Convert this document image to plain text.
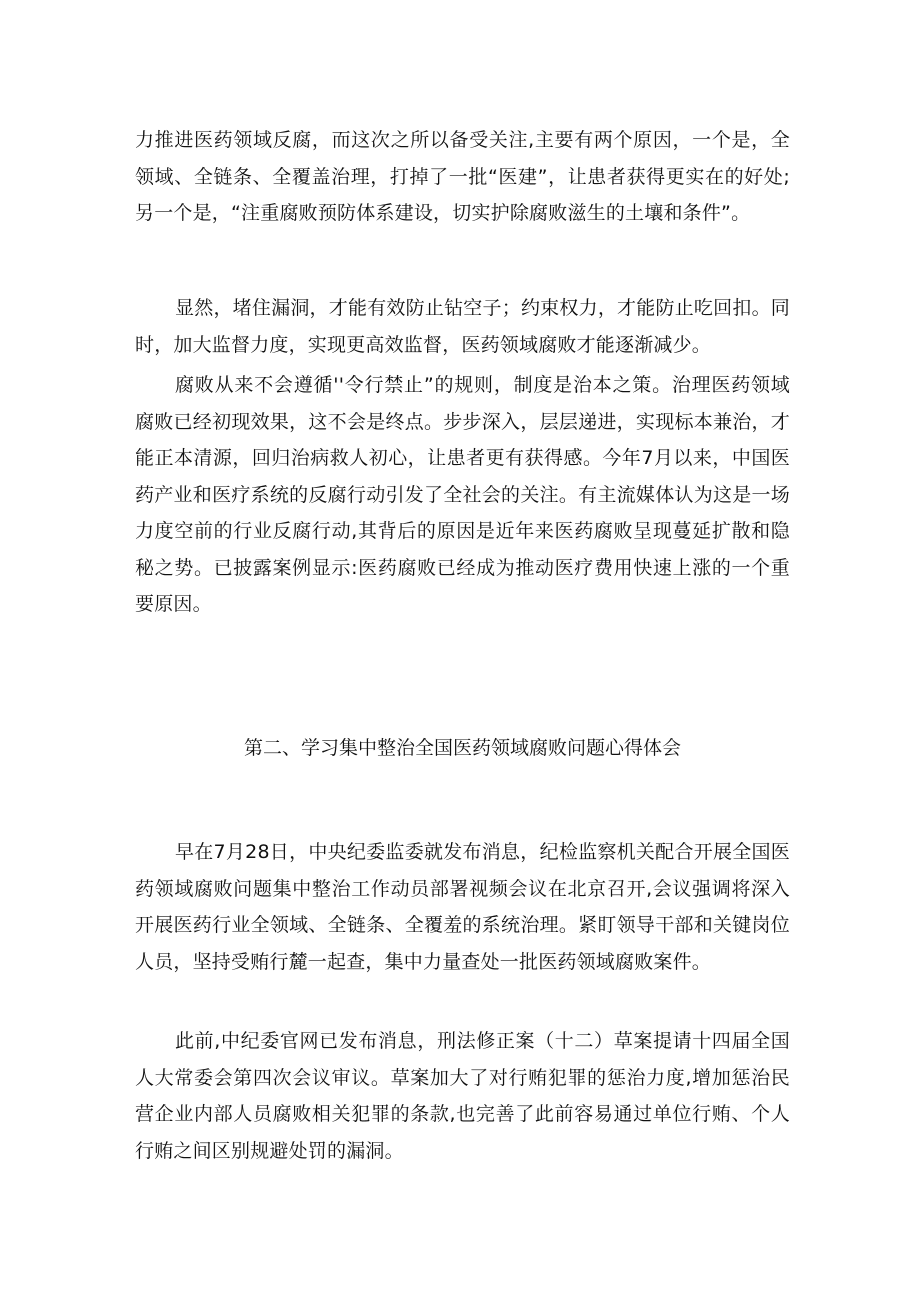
力推进医药领域反腐，而这次之所以备受关注,主要有两个原因，一个是，全领域、全链条、全覆盖治理，打掉了一批“医建”，让患者获得更实在的好处;另一个是，“注重腐败预防体系建设，切实护除腐败滋生的土壤和条件”。

显然，堵住漏洞，才能有效防止钻空子；约束权力，才能防止吃回扣。同时，加大监督力度，实现更高效监督，医药领域腐败才能逐渐减少。

腐败从来不会遵循''令行禁止”的规则，制度是治本之策。治理医药领域腐败已经初现效果，这不会是终点。步步深入，层层递进，实现标本兼治，才能正本清源，回归治病救人初心，让患者更有获得感。今年7月以来，中国医药产业和医疗系统的反腐行动引发了全社会的关注。有主流媒体认为这是一场力度空前的行业反腐行动,其背后的原因是近年来医药腐败呈现蔓延扩散和隐秘之势。已披露案例显示:医药腐败已经成为推动医疗费用快速上涨的一个重要原因。

第二、学习集中整治全国医药领域腐败问题心得体会

早在7月28日，中央纪委监委就发布消息，纪检监察机关配合开展全国医药领域腐败问题集中整治工作动员部署视频会议在北京召开,会议强调将深入开展医药行业全领域、全链条、全覆羞的系统治理。紧盯领导干部和关键岗位人员，坚持受贿行麓一起查，集中力量查处一批医药领域腐败案件。

此前,中纪委官网已发布消息，刑法修正案（十二）草案提请十四届全国人大常委会第四次会议审议。草案加大了对行贿犯罪的惩治力度,增加惩治民营企业内部人员腐败相关犯罪的条款,也完善了此前容易通过单位行贿、个人行贿之间区别规避处罚的漏洞。
